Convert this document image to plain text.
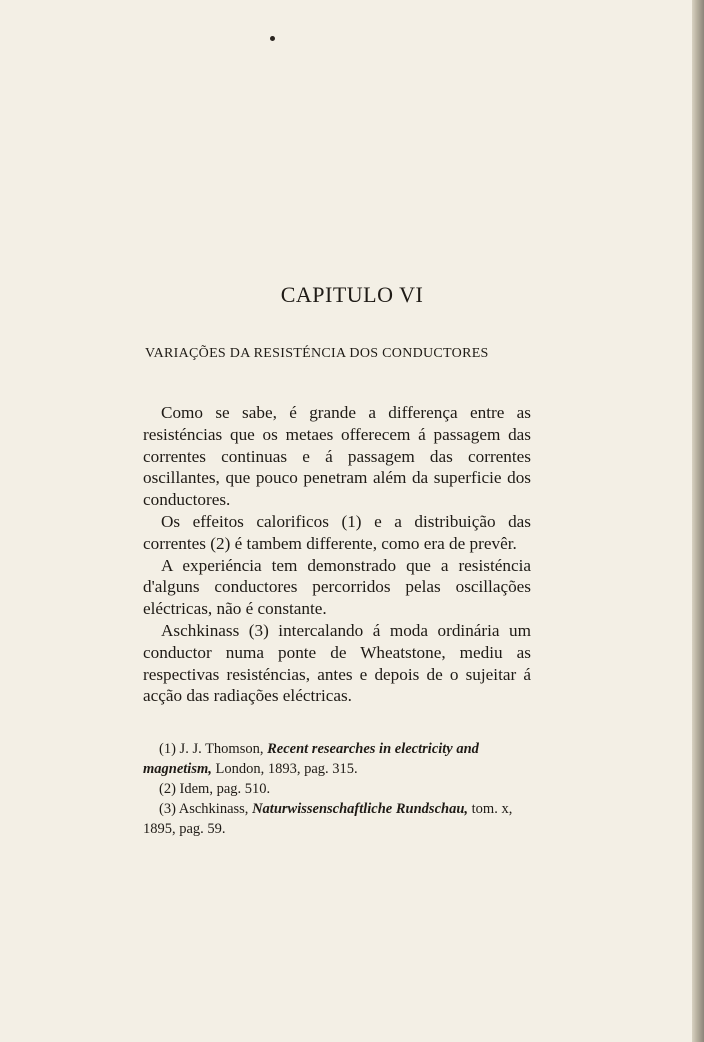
CAPITULO VI
VARIAÇÕES DA RESISTÉNCIA DOS CONDUCTORES

Como se sabe, é grande a differença entre as resisténcias que os metaes offerecem á passagem das correntes continuas e á passagem das correntes oscillantes, que pouco penetram além da superficie dos conductores.

Os effeitos calorificos (1) e a distribuição das correntes (2) é tambem differente, como era de prevêr.

A experiéncia tem demonstrado que a resisténcia d'alguns conductores percorridos pelas oscillações eléctricas, não é constante.

Aschkinass (3) intercalando á moda ordinária um conductor numa ponte de Wheatstone, mediu as respectivas resisténcias, antes e depois de o sujeitar á acção das radiações eléctricas.

(1) J. J. Thomson, Recent researches in electricity and magnetism, London, 1893, pag. 315.

(2) Idem, pag. 510.

(3) Aschkinass, Naturwissenschaftliche Rundschau, tom. x, 1895, pag. 59.
